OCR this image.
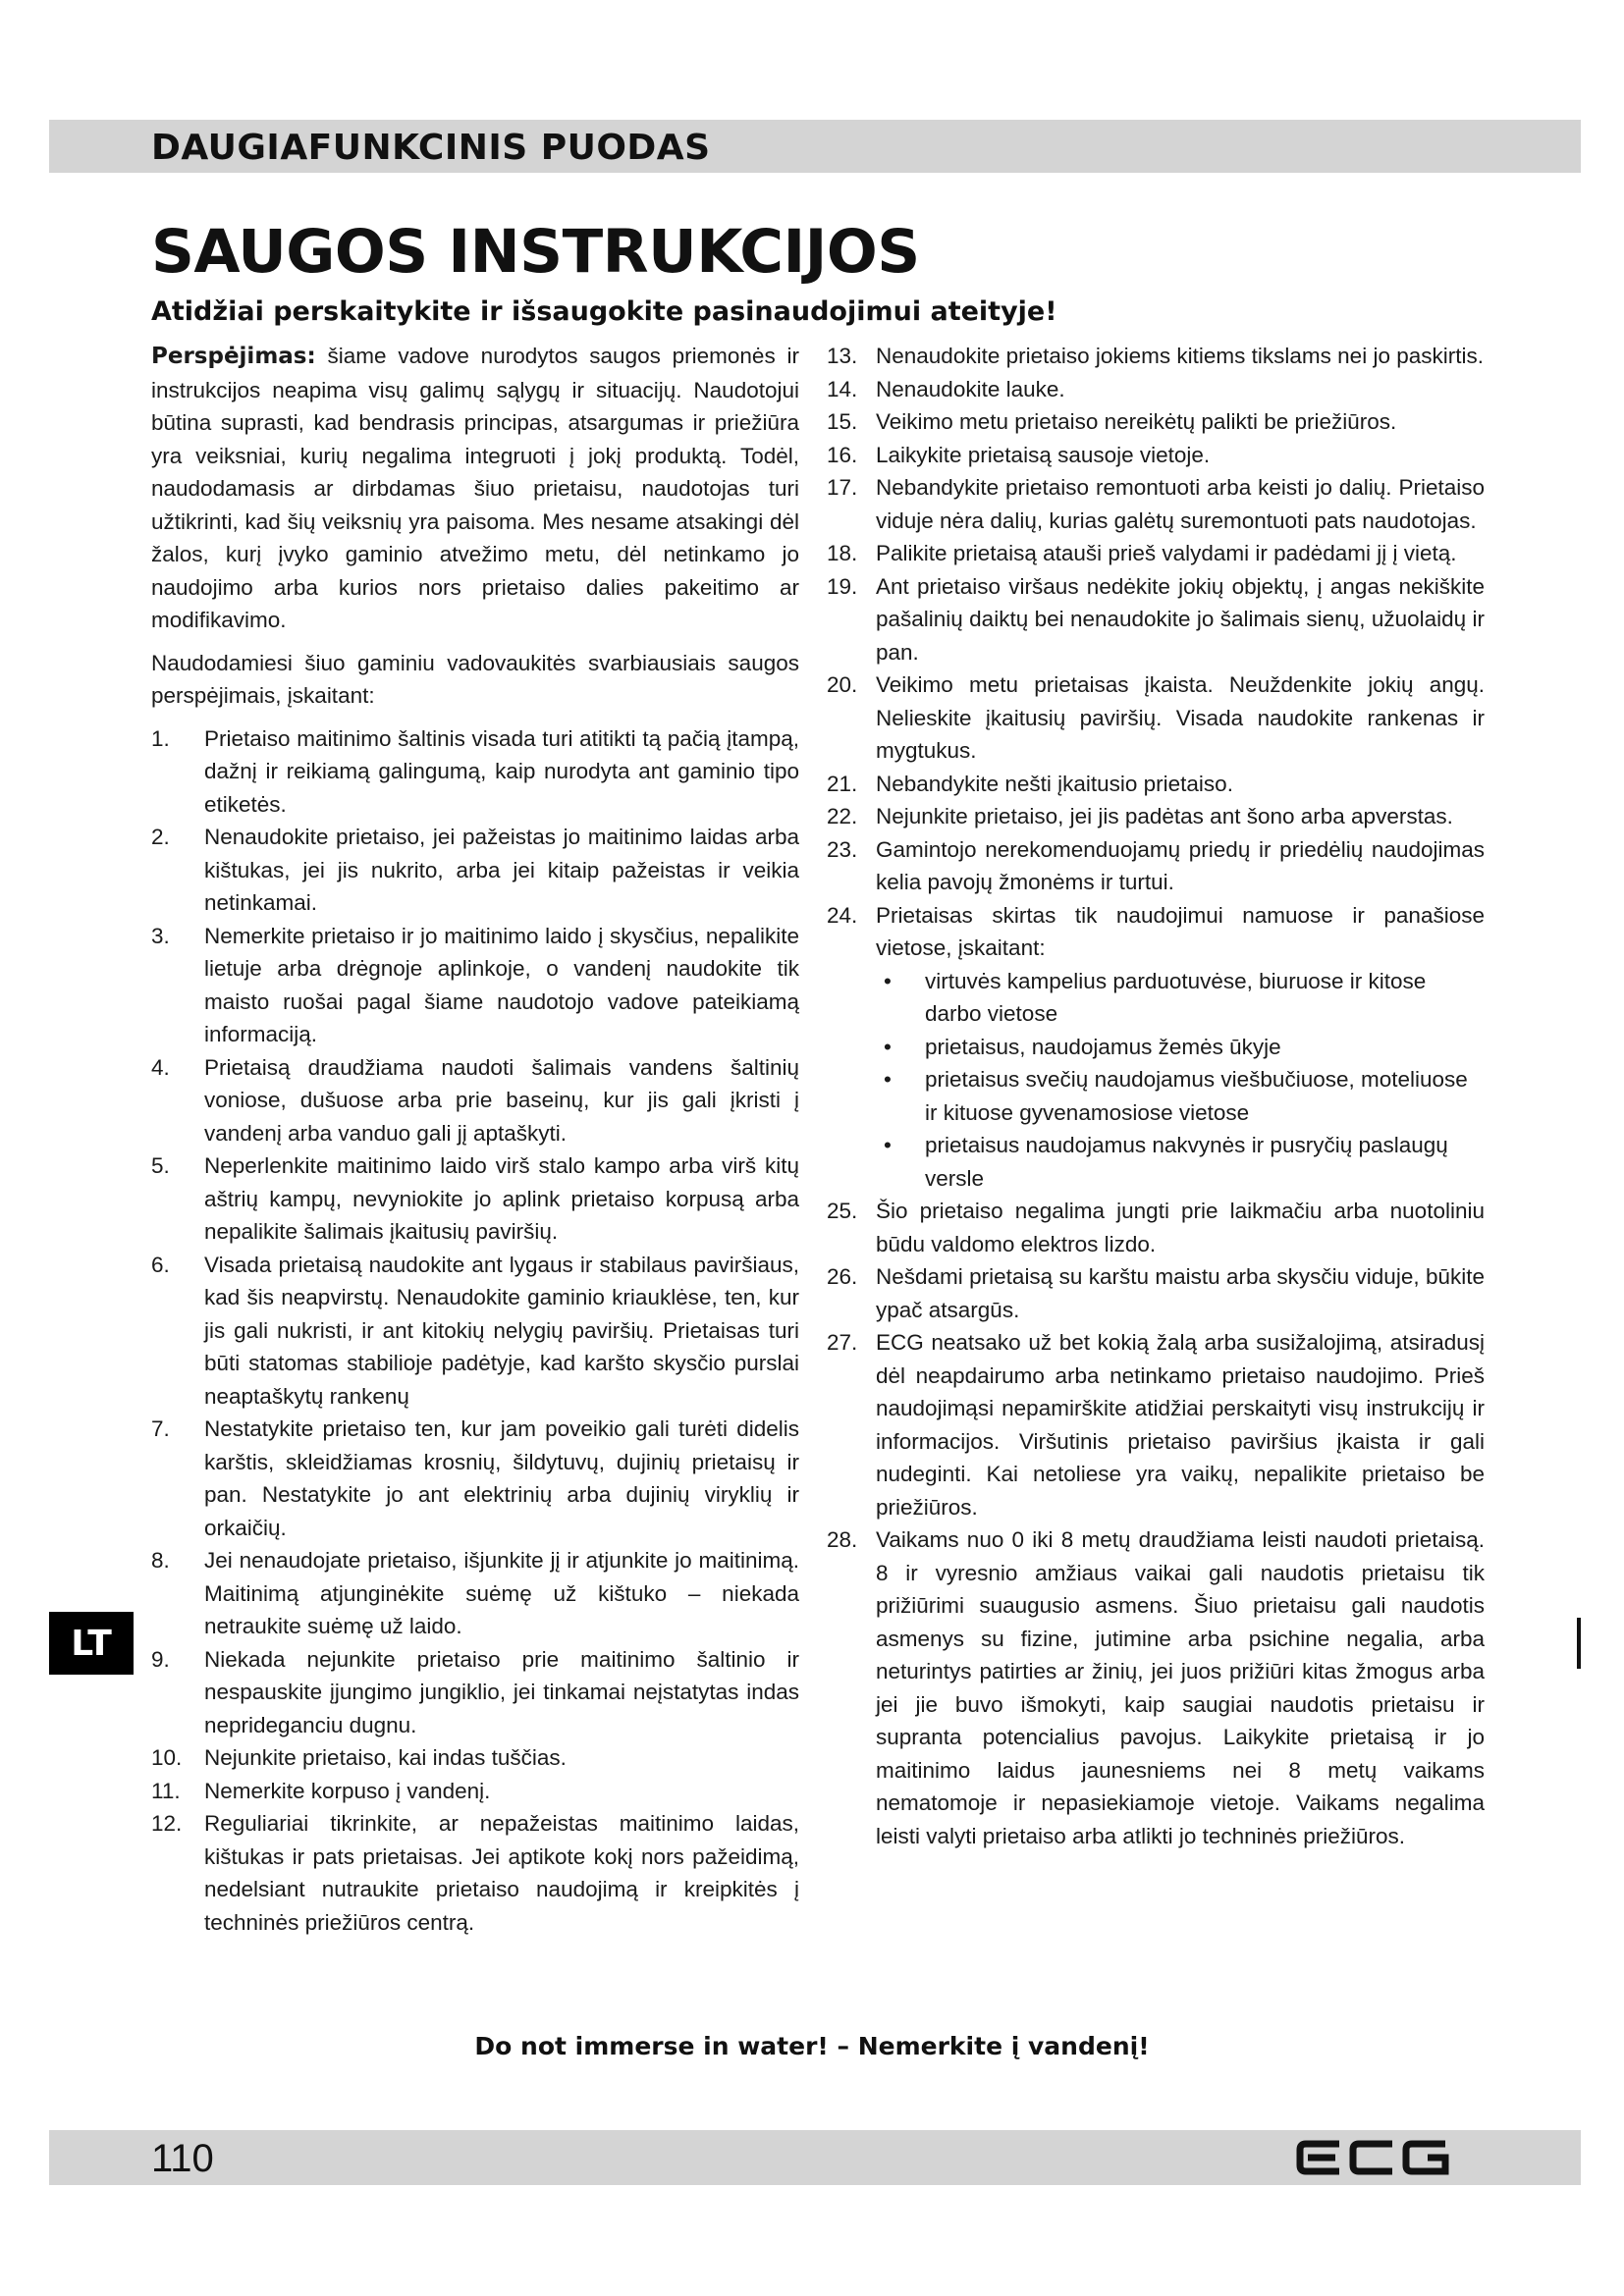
DAUGIAFUNKCINIS PUODAS
SAUGOS INSTRUKCIJOS

Atidžiai perskaitykite ir išsaugokite pasinaudojimui ateityje!

Perspėjimas: šiame vadove nurodytos saugos priemonės ir instrukcijos neapima visų galimų sąlygų ir situacijų. Naudotojui būtina suprasti, kad bendrasis principas, atsargumas ir priežiūra yra veiksniai, kurių negalima integruoti į jokį produktą. Todėl, naudodamasis ar dirbdamas šiuo prietaisu, naudotojas turi užtikrinti, kad šių veiksnių yra paisoma. Mes nesame atsakingi dėl žalos, kurį įvyko gaminio atvežimo metu, dėl netinkamo jo naudojimo arba kurios nors prietaiso dalies pakeitimo ar modifikavimo.

Naudodamiesi šiuo gaminiu vadovaukitės svarbiausiais saugos perspėjimais, įskaitant:

1. Prietaiso maitinimo šaltinis visada turi atitikti tą pačią įtampą, dažnį ir reikiamą galingumą, kaip nurodyta ant gaminio tipo etiketės.
2. Nenaudokite prietaiso, jei pažeistas jo maitinimo laidas arba kištukas, jei jis nukrito, arba jei kitaip pažeistas ir veikia netinkamai.
3. Nemerkite prietaiso ir jo maitinimo laido į skysčius, nepalikite lietuje arba drėgnoje aplinkoje, o vandenį naudokite tik maisto ruošai pagal šiame naudotojo vadove pateikiamą informaciją.
4. Prietaisą draudžiama naudoti šalimais vandens šaltinių voniose, dušuose arba prie baseinų, kur jis gali įkristi į vandenį arba vanduo gali jį aptaškyti.
5. Neperlenkite maitinimo laido virš stalo kampo arba virš kitų aštrių kampų, nevyniokite jo aplink prietaiso korpusą arba nepalikite šalimais įkaitusių paviršių.
6. Visada prietaisą naudokite ant lygaus ir stabilaus paviršiaus, kad šis neapvirstų. Nenaudokite gaminio kriauklėse, ten, kur jis gali nukristi, ir ant kitokių nelygių paviršių. Prietaisas turi būti statomas stabilioje padėtyje, kad karšto skysčio purslai neaptaškytų rankenų
7. Nestatykite prietaiso ten, kur jam poveikio gali turėti didelis karštis, skleidžiamas krosnių, šildytuvų, dujinių prietaisų ir pan. Nestatykite jo ant elektrinių arba dujinių viryklių ir orkaičių.
8. Jei nenaudojate prietaiso, išjunkite jį ir atjunkite jo maitinimą. Maitinimą atjunginėkite suėmę už kištuko – niekada netraukite suėmę už laido.
9. Niekada nejunkite prietaiso prie maitinimo šaltinio ir nespauskite įjungimo jungiklio, jei tinkamai neįstatytas indas neprideganciu dugnu.
10. Nejunkite prietaiso, kai indas tuščias.
11. Nemerkite korpuso į vandenį.
12. Reguliariai tikrinkite, ar nepažeistas maitinimo laidas, kištukas ir pats prietaisas. Jei aptikote kokį nors pažeidimą, nedelsiant nutraukite prietaiso naudojimą ir kreipkitės į techninės priežiūros centrą.
13. Nenaudokite prietaiso jokiems kitiems tikslams nei jo paskirtis.
14. Nenaudokite lauke.
15. Veikimo metu prietaiso nereikėtų palikti be priežiūros.
16. Laikykite prietaisą sausoje vietoje.
17. Nebandykite prietaiso remontuoti arba keisti jo dalių. Prietaiso viduje nėra dalių, kurias galėtų suremontuoti pats naudotojas.
18. Palikite prietaisą atauši prieš valydami ir padėdami jį į vietą.
19. Ant prietaiso viršaus nedėkite jokių objektų, į angas nekiškite pašalinių daiktų bei nenaudokite jo šalimais sienų, užuolaidų ir pan.
20. Veikimo metu prietaisas įkaista. Neuždenkite jokių angų. Nelieskite įkaitusių paviršių. Visada naudokite rankenas ir mygtukus.
21. Nebandykite nešti įkaitusio prietaiso.
22. Nejunkite prietaiso, jei jis padėtas ant šono arba apverstas.
23. Gamintojo nerekomenduojamų priedų ir priedėlių naudojimas kelia pavojų žmonėms ir turtui.
24. Prietaisas skirtas tik naudojimui namuose ir panašiose vietose, įskaitant:
• virtuvės kampelius parduotuvėse, biuruose ir kitose darbo vietose
• prietaisus, naudojamus žemės ūkyje
• prietaisus svečių naudojamus viešbučiuose, moteliuose ir kituose gyvenamosiose vietose
• prietaisus naudojamus nakvynės ir pusryčių paslaugų versle
25. Šio prietaiso negalima jungti prie laikmačiu arba nuotoliniu būdu valdomo elektros lizdo.
26. Nešdami prietaisą su karštu maistu arba skysčiu viduje, būkite ypač atsargūs.
27. ECG neatsako už bet kokią žalą arba susižalojimą, atsiradusį dėl neapdairumo arba netinkamo prietaiso naudojimo. Prieš naudojimąsi nepamirškite atidžiai perskaityti visų instrukcijų ir informacijos. Viršutinis prietaiso paviršius įkaista ir gali nudeginti. Kai netoliese yra vaikų, nepalikite prietaiso be priežiūros.
28. Vaikams nuo 0 iki 8 metų draudžiama leisti naudoti prietaisą. 8 ir vyresnio amžiaus vaikai gali naudotis prietaisu tik prižiūrimi suaugusio asmens. Šiuo prietaisu gali naudotis asmenys su fizine, jutimine arba psichine negalia, arba neturintys patirties ar žinių, jei juos prižiūri kitas žmogus arba jei jie buvo išmokyti, kaip saugiai naudotis prietaisu ir supranta potencialius pavojus. Laikykite prietaisą ir jo maitinimo laidus jaunesniems nei 8 metų vaikams nematomoje ir nepasiekiamoje vietoje. Vaikams negalima leisti valyti prietaiso arba atlikti jo techninės priežiūros.

Do not immerse in water! – Nemerkite į vandenį!

LT
110
